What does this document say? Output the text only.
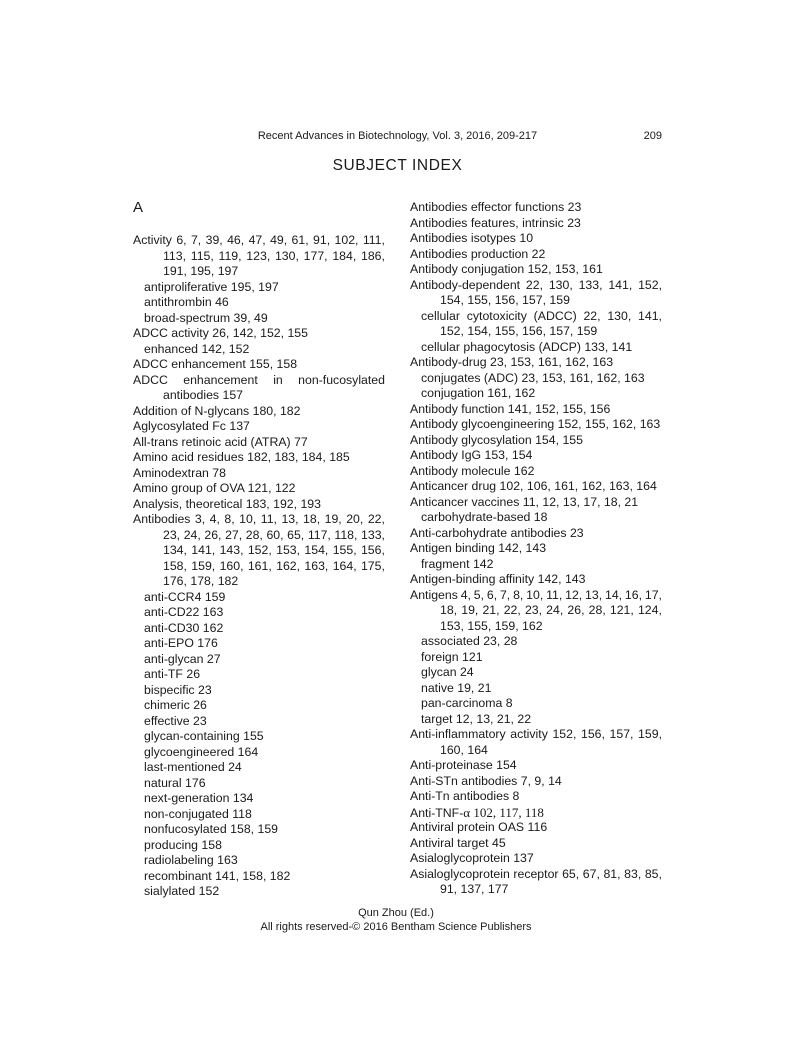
Recent Advances in Biotechnology, Vol. 3, 2016, 209-217	209
SUBJECT INDEX
A
Activity 6, 7, 39, 46, 47, 49, 61, 91, 102, 111,
113, 115, 119, 123, 130, 177, 184, 186,
191, 195, 197
antiproliferative 195, 197
antithrombin 46
broad-spectrum 39, 49
ADCC activity 26, 142, 152, 155
enhanced 142, 152
ADCC enhancement 155, 158
ADCC enhancement in non-fucosylated
antibodies 157
Addition of N-glycans 180, 182
Aglycosylated Fc 137
All-trans retinoic acid (ATRA) 77
Amino acid residues 182, 183, 184, 185
Aminodextran 78
Amino group of OVA 121, 122
Analysis, theoretical 183, 192, 193
Antibodies 3, 4, 8, 10, 11, 13, 18, 19, 20, 22,
23, 24, 26, 27, 28, 60, 65, 117, 118, 133,
134, 141, 143, 152, 153, 154, 155, 156,
158, 159, 160, 161, 162, 163, 164, 175,
176, 178, 182
anti-CCR4 159
anti-CD22 163
anti-CD30 162
anti-EPO 176
anti-glycan 27
anti-TF 26
bispecific 23
chimeric 26
effective 23
glycan-containing 155
glycoengineered 164
last-mentioned 24
natural 176
next-generation 134
non-conjugated 118
nonfucosylated 158, 159
producing 158
radiolabeling 163
recombinant 141, 158, 182
sialylated 152
Antibodies effector functions 23
Antibodies features, intrinsic 23
Antibodies isotypes 10
Antibodies production 22
Antibody conjugation 152, 153, 161
Antibody-dependent 22, 130, 133, 141, 152,
154, 155, 156, 157, 159
cellular cytotoxicity (ADCC) 22, 130, 141,
152, 154, 155, 156, 157, 159
cellular phagocytosis (ADCP) 133, 141
Antibody-drug 23, 153, 161, 162, 163
conjugates (ADC) 23, 153, 161, 162, 163
conjugation 161, 162
Antibody function 141, 152, 155, 156
Antibody glycoengineering 152, 155, 162, 163
Antibody glycosylation 154, 155
Antibody IgG 153, 154
Antibody molecule 162
Anticancer drug 102, 106, 161, 162, 163, 164
Anticancer vaccines 11, 12, 13, 17, 18, 21
carbohydrate-based 18
Anti-carbohydrate antibodies 23
Antigen binding 142, 143
fragment 142
Antigen-binding affinity 142, 143
Antigens 4, 5, 6, 7, 8, 10, 11, 12, 13, 14, 16, 17,
18, 19, 21, 22, 23, 24, 26, 28, 121, 124,
153, 155, 159, 162
associated 23, 28
foreign 121
glycan 24
native 19, 21
pan-carcinoma 8
target 12, 13, 21, 22
Anti-inflammatory activity 152, 156, 157, 159,
160, 164
Anti-proteinase 154
Anti-STn antibodies 7, 9, 14
Anti-Tn antibodies 8
Anti-TNF-α 102, 117, 118
Antiviral protein OAS 116
Antiviral target 45
Asialoglycoprotein 137
Asialoglycoprotein receptor 65, 67, 81, 83, 85,
91, 137, 177
Qun Zhou (Ed.)
All rights reserved-© 2016 Bentham Science Publishers
